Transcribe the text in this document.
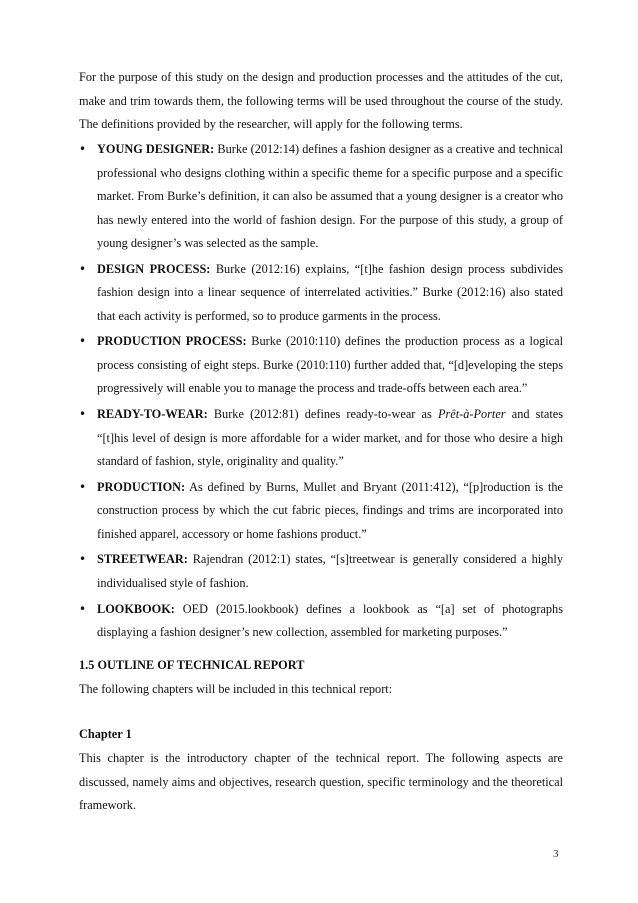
For the purpose of this study on the design and production processes and the attitudes of the cut, make and trim towards them, the following terms will be used throughout the course of the study. The definitions provided by the researcher, will apply for the following terms.

• YOUNG DESIGNER: Burke (2012:14) defines a fashion designer as a creative and technical professional who designs clothing within a specific theme for a specific purpose and a specific market. From Burke’s definition, it can also be assumed that a young designer is a creator who has newly entered into the world of fashion design. For the purpose of this study, a group of young designer’s was selected as the sample.
• DESIGN PROCESS: Burke (2012:16) explains, “[t]he fashion design process subdivides fashion design into a linear sequence of interrelated activities.” Burke (2012:16) also stated that each activity is performed, so to produce garments in the process.
• PRODUCTION PROCESS: Burke (2010:110) defines the production process as a logical process consisting of eight steps. Burke (2010:110) further added that, “[d]eveloping the steps progressively will enable you to manage the process and trade-offs between each area.”
• READY-TO-WEAR: Burke (2012:81) defines ready-to-wear as Prêt-à-Porter and states “[t]his level of design is more affordable for a wider market, and for those who desire a high standard of fashion, style, originality and quality.”
• PRODUCTION: As defined by Burns, Mullet and Bryant (2011:412), “[p]roduction is the construction process by which the cut fabric pieces, findings and trims are incorporated into finished apparel, accessory or home fashions product.”
• STREETWEAR: Rajendran (2012:1) states, “[s]treetwear is generally considered a highly individualised style of fashion.
• LOOKBOOK: OED (2015.lookbook) defines a lookbook as “[a] set of photographs displaying a fashion designer’s new collection, assembled for marketing purposes.”
1.5 OUTLINE OF TECHNICAL REPORT
The following chapters will be included in this technical report:
Chapter 1
This chapter is the introductory chapter of the technical report. The following aspects are discussed, namely aims and objectives, research question, specific terminology and the theoretical framework.
3
